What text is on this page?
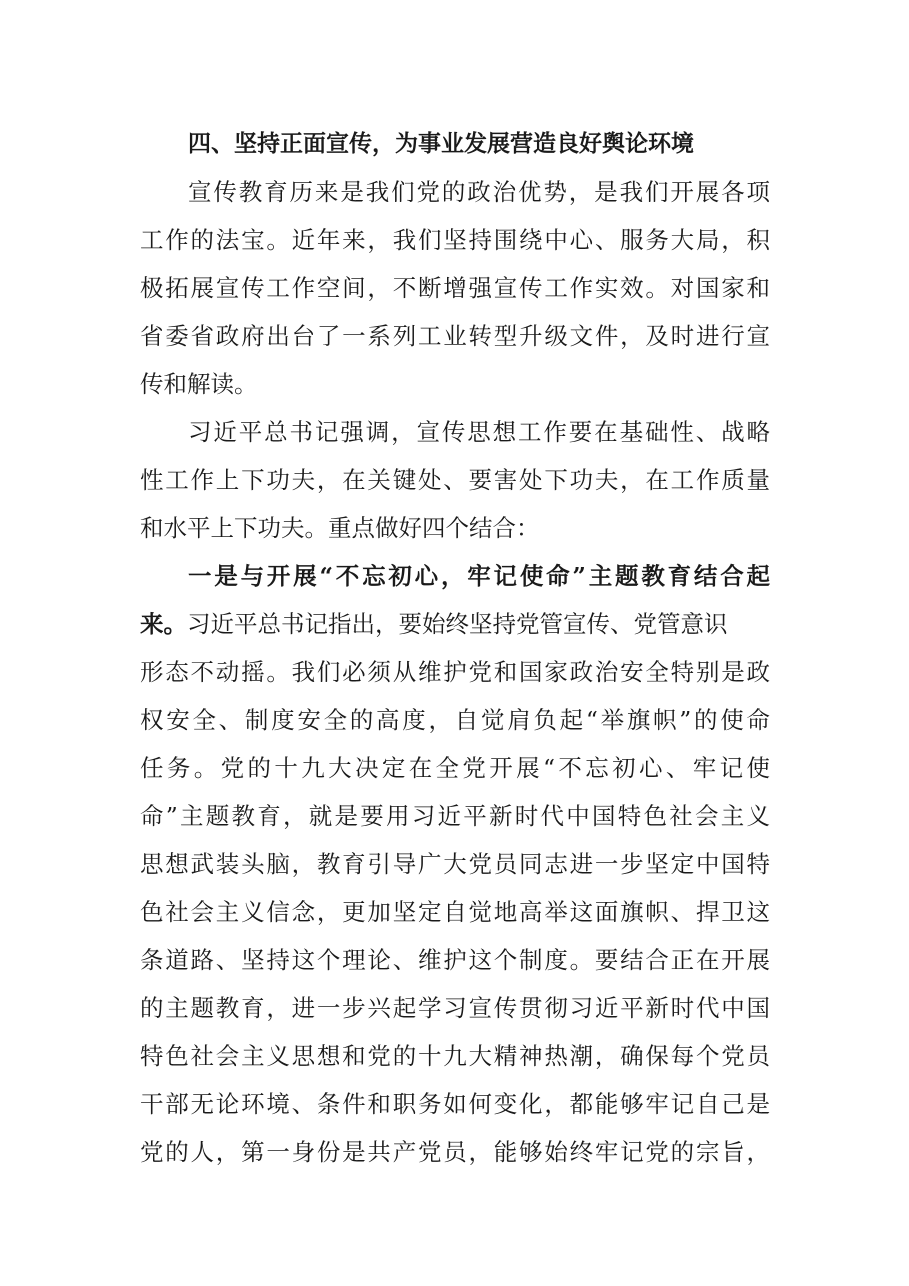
四、坚持正面宣传，为事业发展营造良好舆论环境
宣传教育历来是我们党的政治优势，是我们开展各项
工作的法宝。近年来，我们坚持围绕中心、服务大局，积
极拓展宣传工作空间，不断增强宣传工作实效。对国家和
省委省政府出台了一系列工业转型升级文件，及时进行宣
传和解读。
习近平总书记强调，宣传思想工作要在基础性、战略
性工作上下功夫，在关键处、要害处下功夫，在工作质量
和水平上下功夫。重点做好四个结合：
一是与开展“不忘初心，牢记使命”主题教育结合起
来。习近平总书记指出，要始终坚持党管宣传、党管意识
形态不动摇。我们必须从维护党和国家政治安全特别是政
权安全、制度安全的高度，自觉肩负起“举旗帜”的使命
任务。党的十九大决定在全党开展“不忘初心、牢记使
命”主题教育，就是要用习近平新时代中国特色社会主义
思想武装头脑，教育引导广大党员同志进一步坚定中国特
色社会主义信念，更加坚定自觉地高举这面旗帜、捍卫这
条道路、坚持这个理论、维护这个制度。要结合正在开展
的主题教育，进一步兴起学习宣传贯彻习近平新时代中国
特色社会主义思想和党的十九大精神热潮，确保每个党员
干部无论环境、条件和职务如何变化，都能够牢记自己是
党的人，第一身份是共产党员，能够始终牢记党的宗旨，
